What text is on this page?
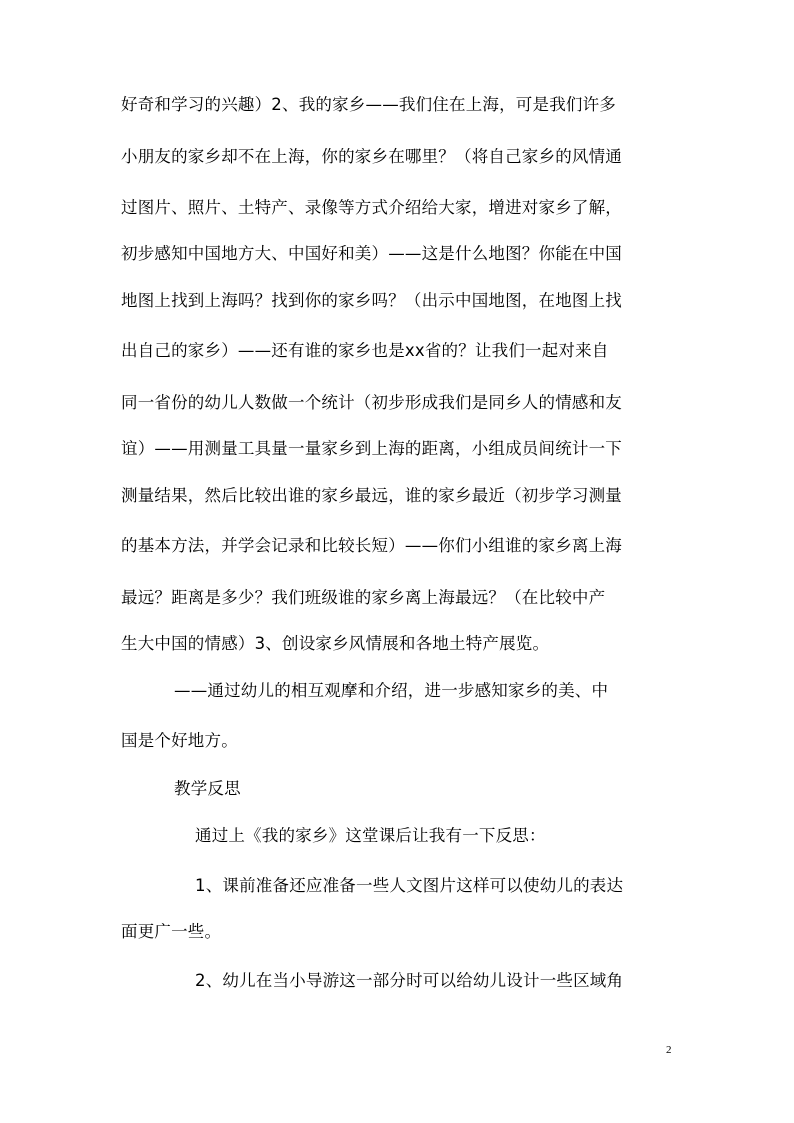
好奇和学习的兴趣）2、我的家乡——我们住在上海，可是我们许多
小朋友的家乡却不在上海，你的家乡在哪里？（将自己家乡的风情通
过图片、照片、土特产、录像等方式介绍给大家，增进对家乡了解，
初步感知中国地方大、中国好和美）——这是什么地图？你能在中国
地图上找到上海吗？找到你的家乡吗？（出示中国地图，在地图上找
出自己的家乡）——还有谁的家乡也是xx省的？让我们一起对来自
同一省份的幼儿人数做一个统计（初步形成我们是同乡人的情感和友
谊）——用测量工具量一量家乡到上海的距离，小组成员间统计一下
测量结果，然后比较出谁的家乡最远，谁的家乡最近（初步学习测量
的基本方法，并学会记录和比较长短）——你们小组谁的家乡离上海
最远？距离是多少？我们班级谁的家乡离上海最远？（在比较中产
生大中国的情感）3、创设家乡风情展和各地土特产展览。
——通过幼儿的相互观摩和介绍，进一步感知家乡的美、中
国是个好地方。
教学反思
通过上《我的家乡》这堂课后让我有一下反思：
1、课前准备还应准备一些人文图片这样可以使幼儿的表达
面更广一些。
2、幼儿在当小导游这一部分时可以给幼儿设计一些区域角
2
